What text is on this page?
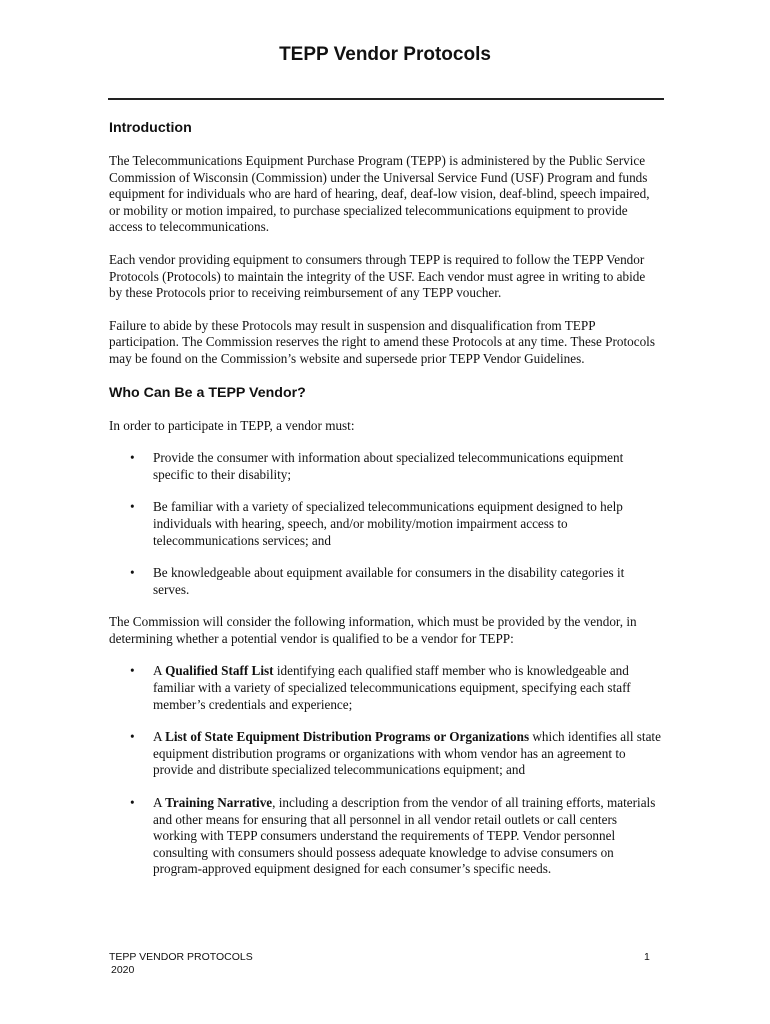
TEPP Vendor Protocols
Introduction

The Telecommunications Equipment Purchase Program (TEPP) is administered by the Public Service Commission of Wisconsin (Commission) under the Universal Service Fund (USF) Program and funds equipment for individuals who are hard of hearing, deaf, deaf-low vision, deaf-blind, speech impaired, or mobility or motion impaired, to purchase specialized telecommunications equipment to provide access to telecommunications.

Each vendor providing equipment to consumers through TEPP is required to follow the TEPP Vendor Protocols (Protocols) to maintain the integrity of the USF. Each vendor must agree in writing to abide by these Protocols prior to receiving reimbursement of any TEPP voucher.

Failure to abide by these Protocols may result in suspension and disqualification from TEPP participation. The Commission reserves the right to amend these Protocols at any time. These Protocols may be found on the Commission’s website and supersede prior TEPP Vendor Guidelines.

Who Can Be a TEPP Vendor?

In order to participate in TEPP, a vendor must:

• Provide the consumer with information about specialized telecommunications equipment specific to their disability;
• Be familiar with a variety of specialized telecommunications equipment designed to help individuals with hearing, speech, and/or mobility/motion impairment access to telecommunications services; and
• Be knowledgeable about equipment available for consumers in the disability categories it serves.

The Commission will consider the following information, which must be provided by the vendor, in determining whether a potential vendor is qualified to be a vendor for TEPP:

• A Qualified Staff List identifying each qualified staff member who is knowledgeable and familiar with a variety of specialized telecommunications equipment, specifying each staff member’s credentials and experience;
• A List of State Equipment Distribution Programs or Organizations which identifies all state equipment distribution programs or organizations with whom vendor has an agreement to provide and distribute specialized telecommunications equipment; and
• A Training Narrative, including a description from the vendor of all training efforts, materials and other means for ensuring that all personnel in all vendor retail outlets or call centers working with TEPP consumers understand the requirements of TEPP. Vendor personnel consulting with consumers should possess adequate knowledge to advise consumers on program-approved equipment designed for each consumer’s specific needs.
TEPP VENDOR PROTOCOLS
2020
1
